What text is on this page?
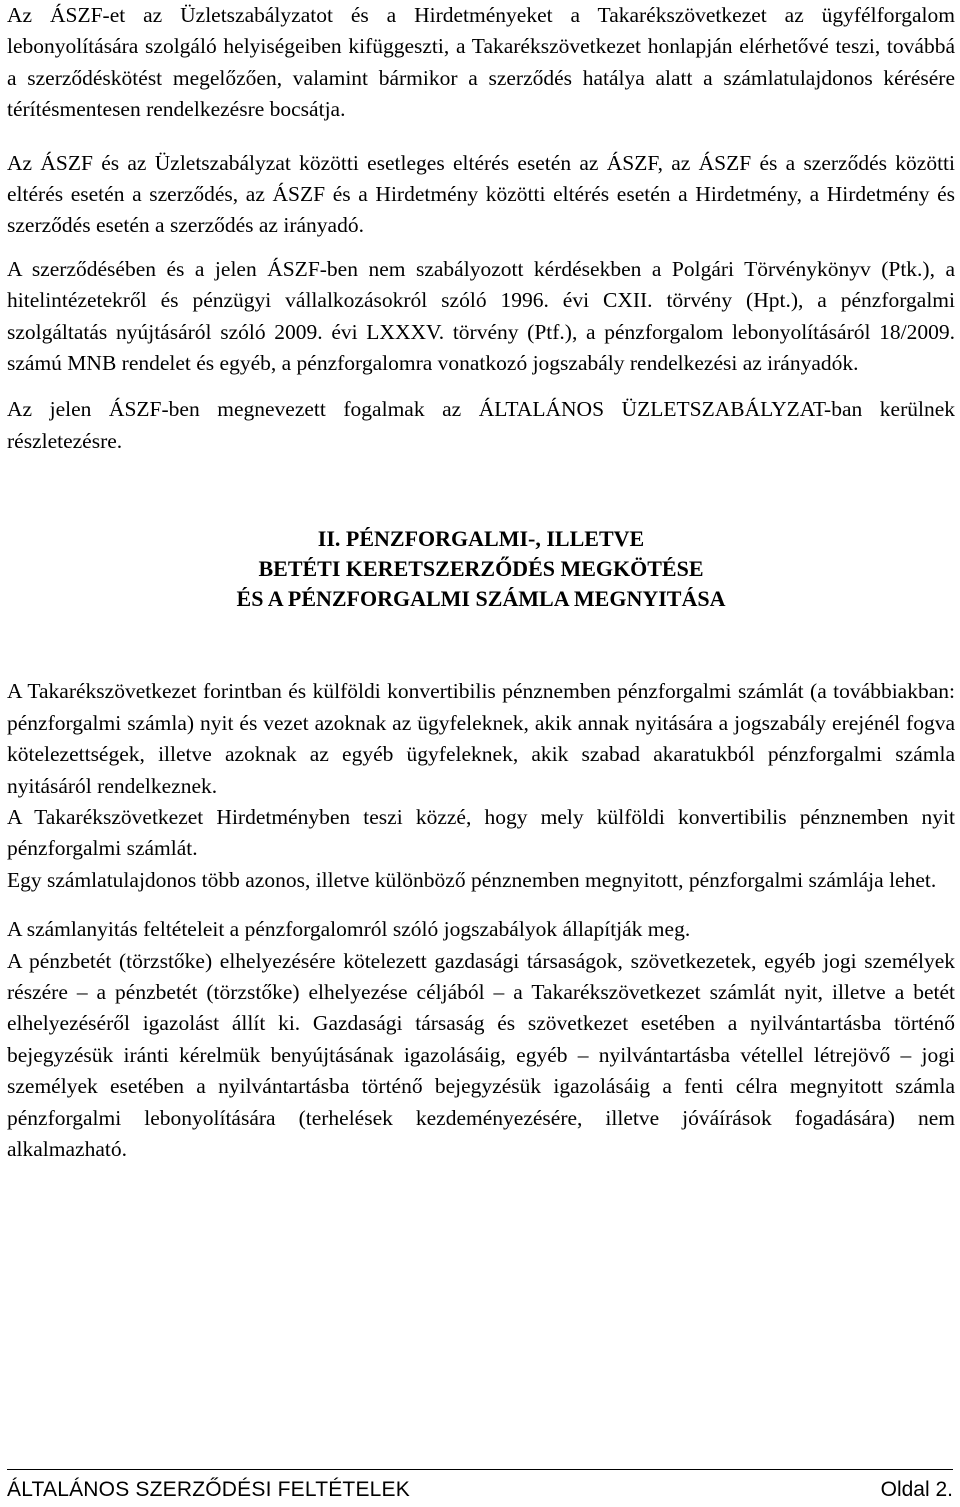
Az ÁSZF-et az Üzletszabályzatot és a Hirdetményeket a Takarékszövetkezet az ügyfélforgalom lebonyolítására szolgáló helyiségeiben kifüggeszti, a Takarékszövetkezet honlapján elérhetővé teszi, továbbá a szerződéskötést megelőzően, valamint bármikor a szerződés hatálya alatt a számlatulajdonos kérésére térítésmentesen rendelkezésre bocsátja.

Az ÁSZF és az Üzletszabályzat közötti esetleges eltérés esetén az ÁSZF, az ÁSZF és a szerződés közötti eltérés esetén a szerződés, az ÁSZF és a Hirdetmény közötti eltérés esetén a Hirdetmény, a Hirdetmény és szerződés esetén a szerződés az irányadó.

A szerződésében és a jelen ÁSZF-ben nem szabályozott kérdésekben a Polgári Törvénykönyv (Ptk.), a hitelintézetekről és pénzügyi vállalkozásokról szóló 1996. évi CXII. törvény (Hpt.), a pénzforgalmi szolgáltatás nyújtásáról szóló 2009. évi LXXXV. törvény (Ptf.), a pénzforgalom lebonyolításáról 18/2009. számú MNB rendelet és egyéb, a pénzforgalomra vonatkozó jogszabály rendelkezési az irányadók.

Az jelen ÁSZF-ben megnevezett fogalmak az ÁLTALÁNOS ÜZLETSZABÁLYZAT-ban kerülnek részletezésre.

II. PÉNZFORGALMI-, ILLETVE
BETÉTI KERETSZERZŐDÉS MEGKÖTÉSE
ÉS A PÉNZFORGALMI SZÁMLA MEGNYITÁSA

A Takarékszövetkezet forintban és külföldi konvertibilis pénznemben pénzforgalmi számlát (a továbbiakban: pénzforgalmi számla) nyit és vezet azoknak az ügyfeleknek, akik annak nyitására a jogszabály erejénél fogva kötelezettségek, illetve azoknak az egyéb ügyfeleknek, akik szabad akaratukból pénzforgalmi számla nyitásáról rendelkeznek.

A Takarékszövetkezet Hirdetményben teszi közzé, hogy mely külföldi konvertibilis pénznemben nyit pénzforgalmi számlát.

Egy számlatulajdonos több azonos, illetve különböző pénznemben megnyitott, pénzforgalmi számlája lehet.

A számlanyitás feltételeit a pénzforgalomról szóló jogszabályok állapítják meg.

A pénzbetét (törzstőke) elhelyezésére kötelezett gazdasági társaságok, szövetkezetek, egyéb jogi személyek részére – a pénzbetét (törzstőke) elhelyezése céljából – a Takarékszövetkezet számlát nyit, illetve a betét elhelyezéséről igazolást állít ki. Gazdasági társaság és szövetkezet esetében a nyilvántartásba történő bejegyzésük iránti kérelmük benyújtásának igazolásáig, egyéb – nyilvántartásba vétellel létrejövő – jogi személyek esetében a nyilvántartásba történő bejegyzésük igazolásáig a fenti célra megnyitott számla pénzforgalmi lebonyolítására (terhelések kezdeményezésére, illetve jóváírások fogadására) nem alkalmazható.

ÁLTALÁNOS SZERZŐDÉSI FELTÉTELEK	Oldal 2.
